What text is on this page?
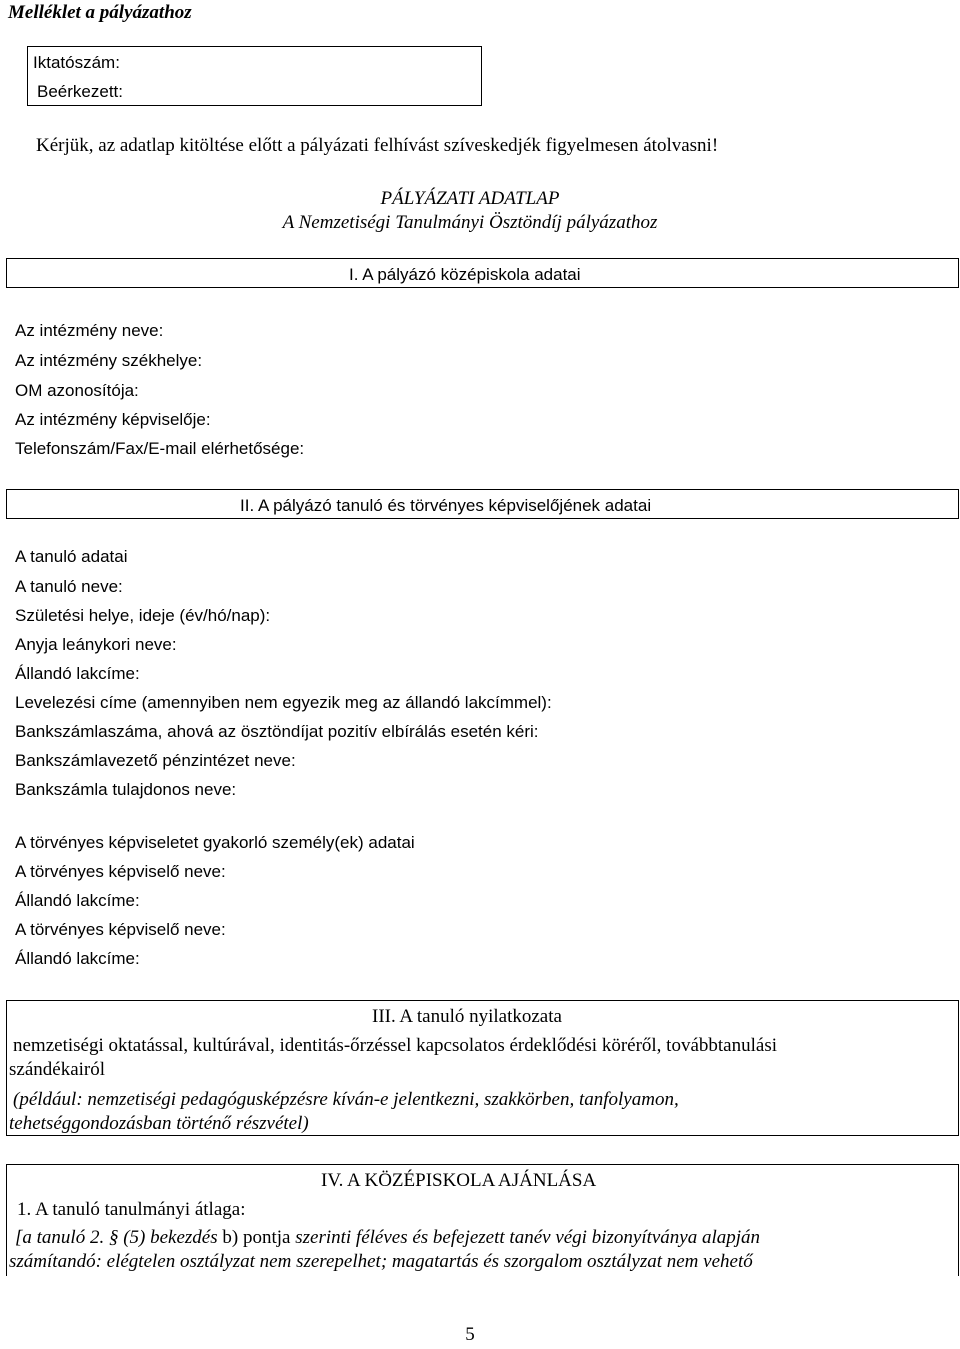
Melléklet a pályázathoz
Iktatószám:
Beérkezett:
Kérjük, az adatlap kitöltése előtt a pályázati felhívást szíveskedjék figyelmesen átolvasni!
PÁLYÁZATI ADATLAP
A Nemzetiségi Tanulmányi Ösztöndíj pályázathoz
I. A pályázó középiskola adatai
Az intézmény neve:
Az intézmény székhelye:
OM azonosítója:
Az intézmény képviselője:
Telefonszám/Fax/E-mail elérhetősége:
II. A pályázó tanuló és törvényes képviselőjének adatai
A tanuló adatai
A tanuló neve:
Születési helye, ideje (év/hó/nap):
Anyja leánykori neve:
Állandó lakcíme:
Levelezési címe (amennyiben nem egyezik meg az állandó lakcímmel):
Bankszámlaszáma, ahová az ösztöndíjat pozitív elbírálás esetén kéri:
Bankszámlavezető pénzintézet neve:
Bankszámla tulajdonos neve:
A törvényes képviseletet gyakorló személy(ek) adatai
A törvényes képviselő neve:
Állandó lakcíme:
A törvényes képviselő neve:
Állandó lakcíme:
III. A tanuló nyilatkozata
nemzetiségi oktatással, kultúrával, identitás-őrzéssel kapcsolatos érdeklődési köréről, továbbtanulási
szándékairól
(például: nemzetiségi pedagógusképzésre kíván-e jelentkezni, szakkörben, tanfolyamon,
tehetséggondozásban történő részvétel)
IV. A KÖZÉPISKOLA AJÁNLÁSA
1. A tanuló tanulmányi átlaga:
[a tanuló 2. § (5) bekezdés b) pontja szerinti féléves és befejezett tanév végi bizonyítványa alapján
számítandó: elégtelen osztályzat nem szerepelhet; magatartás és szorgalom osztályzat nem vehető
5
